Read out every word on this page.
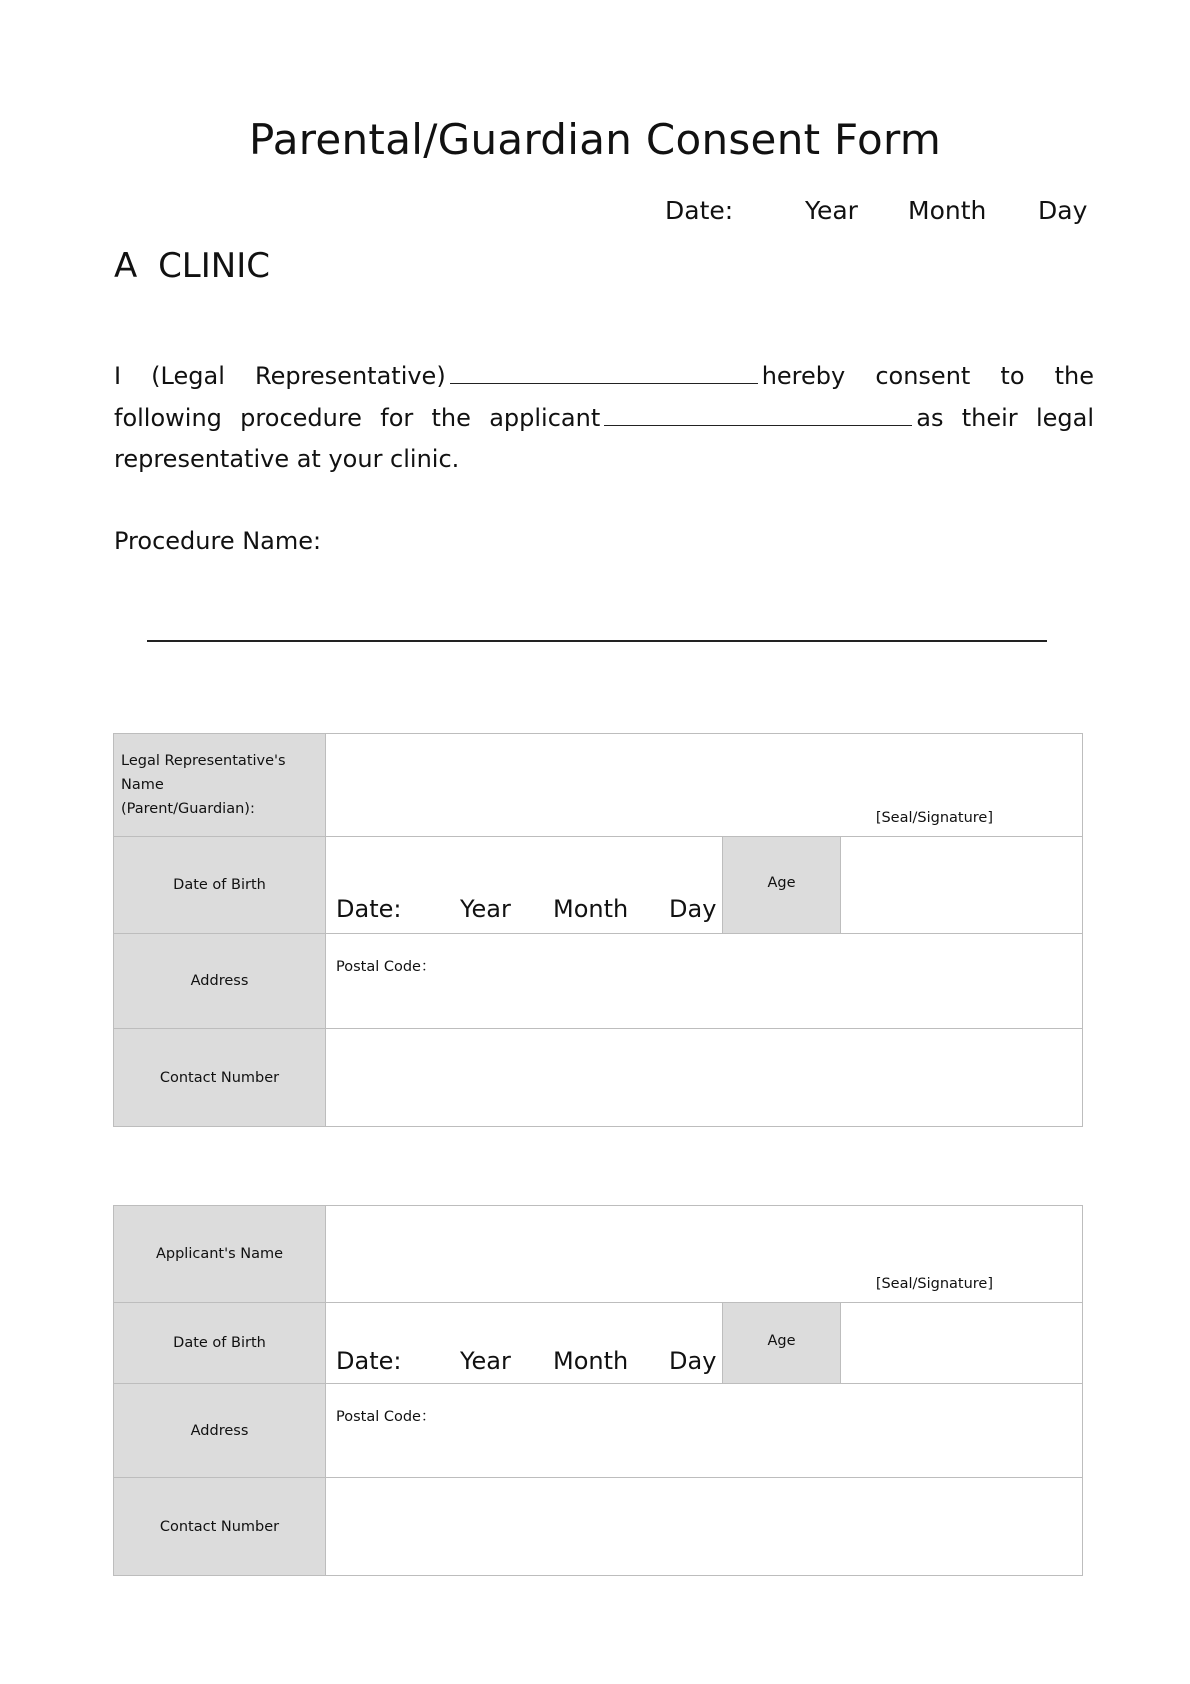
Parental/Guardian Consent Form
Date:	Year Month Day
A CLINIC
I (Legal Representative)	hereby consent to the following procedure for the applicant	as their legal representative at your clinic.
Procedure Name:
Legal Representative's Name
(Parent/Guardian):	[Seal/Signature]		

Date of Birth	Date: Year Month Day	Age	
Address	Postal Code：		

Contact Number			
Applicant's Name	[Seal/Signature]		

Date of Birth	Date: Year Month Day	Age	
Address	Postal Code：		

Contact Number			
